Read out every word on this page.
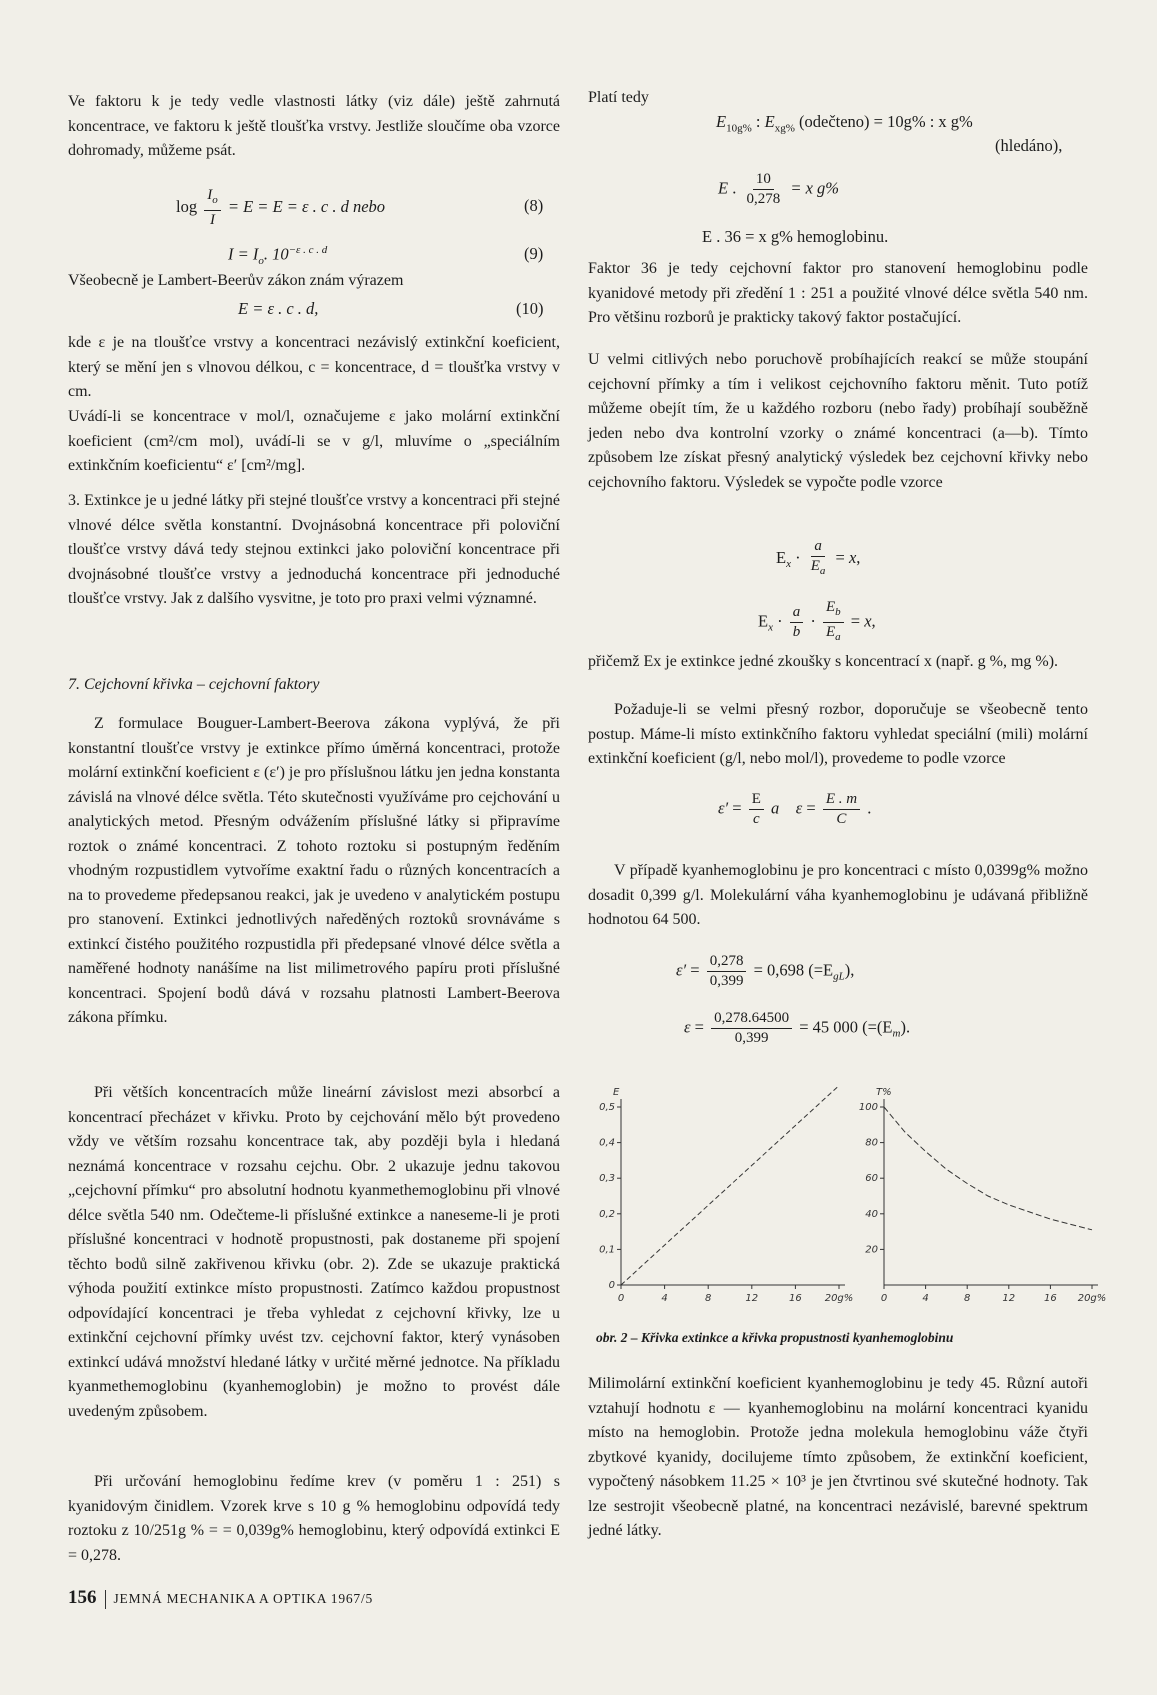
Ve faktoru k je tedy vedle vlastnosti látky (viz dále) ještě zahrnutá koncentrace, ve faktoru k ještě tloušťka vrstvy. Jestliže sloučíme oba vzorce dohromady, můžeme psát.

$\log \frac{I_o}{I} = E = E = \varepsilon$ . c . d nebo	(8)
$I = I_o$. $10^{-\varepsilon . c . d}$	(9)

Všeobecně je Lambert-Beerův zákon znám výrazem

E = ε . c . d,	(10)

kde ε je na tloušťce vrstvy a koncentraci nezávislý extinkční koeficient, který se mění jen s vlnovou délkou, c = koncentrace, d = tloušťka vrstvy v cm.

Uvádí-li se koncentrace v mol/l, označujeme ε jako molární extinkční koeficient (cm²/cm mol), uvádí-li se v g/l, mluvíme o „speciálním extinkčním koeficientu“ ε′ [cm²/mg].

3. Extinkce je u jedné látky při stejné tloušťce vrstvy a koncentraci při stejné vlnové délce světla konstantní. Dvojnásobná koncentrace při poloviční tloušťce vrstvy dává tedy stejnou extinkci jako poloviční koncentrace při dvojnásobné tloušťce vrstvy a jednoduchá koncentrace při jednoduché tloušťce vrstvy. Jak z dalšího vysvitne, je toto pro praxi velmi významné.

7. Cejchovní křivka – cejchovní faktory

Z formulace Bouguer-Lambert-Beerova zákona vyplývá, že při konstantní tloušťce vrstvy je extinkce přímo úměrná koncentraci, protože molární extinkční koeficient ε (ε′) je pro příslušnou látku jen jedna konstanta závislá na vlnové délce světla. Této skutečnosti využíváme pro cejchování u analytických metod. Přesným odvážením příslušné látky si připravíme roztok o známé koncentraci. Z tohoto roztoku si postupným ředěním vhodným rozpustidlem vytvoříme exaktní řadu o různých koncentracích a na to provedeme předepsanou reakci, jak je uvedeno v analytickém postupu pro stanovení. Extinkci jednotlivých naředěných roztoků srovnáváme s extinkcí čistého použitého rozpustidla při předepsané vlnové délce světla a naměřené hodnoty nanášíme na list milimetrového papíru proti příslušné koncentraci. Spojení bodů dává v rozsahu platnosti Lambert-Beerova zákona přímku.

Při větších koncentracích může lineární závislost mezi absorbcí a koncentrací přecházet v křivku. Proto by cejchování mělo být provedeno vždy ve větším rozsahu koncentrace tak, aby později byla i hledaná neznámá koncentrace v rozsahu cejchu. Obr. 2 ukazuje jednu takovou „cejchovní přímku“ pro absolutní hodnotu kyanmethemoglobinu při vlnové délce světla 540 nm. Odečteme-li příslušné extinkce a naneseme-li je proti příslušné koncentraci v hodnotě propustnosti, pak dostaneme při spojení těchto bodů silně zakřivenou křivku (obr. 2). Zde se ukazuje praktická výhoda použití extinkce místo propustnosti. Zatímco každou propustnost odpovídající koncentraci je třeba vyhledat z cejchovní křivky, lze u extinkční cejchovní přímky uvést tzv. cejchovní faktor, který vynásoben extinkcí udává množství hledané látky v určité měrné jednotce. Na příkladu kyanmethemoglobinu (kyanhemoglobin) je možno to provést dále uvedeným způsobem.

Při určování hemoglobinu ředíme krev (v poměru 1 : 251) s kyanidovým činidlem. Vzorek krve s 10 g % hemoglobinu odpovídá tedy roztoku z 10/251g % = = 0,039g% hemoglobinu, který odpovídá extinkci E = 0,278.

Platí tedy

$E_{10g\%}$ : $E_{xg\%}$ (odečteno) = 10g% : x g%
(hledáno),
E . $\frac{10}{0,278} = x$ g%
E . 36 = x g% hemoglobinu.

Faktor 36 je tedy cejchovní faktor pro stanovení hemoglobinu podle kyanidové metody při zředění 1 : 251 a použité vlnové délce světla 540 nm. Pro většinu rozborů je prakticky takový faktor postačující.

U velmi citlivých nebo poruchově probíhajících reakcí se může stoupání cejchovní přímky a tím i velikost cejchovního faktoru měnit. Tuto potíž můžeme obejít tím, že u každého rozboru (nebo řady) probíhají souběžně jeden nebo dva kontrolní vzorky o známé koncentraci (a—b). Tímto způsobem lze získat přesný analytický výsledek bez cejchovní křivky nebo cejchovního faktoru. Výsledek se vypočte podle vzorce

$E_x \cdot \frac{a}{E_a} = x$,
$E_x \cdot \frac{a}{b} \cdot \frac{E_b}{E_a} = x$,

přičemž Ex je extinkce jedné zkoušky s koncentrací x (např. g %, mg %).

Požaduje-li se velmi přesný rozbor, doporučuje se všeobecně tento postup. Máme-li místo extinkčního faktoru vyhledat speciální (mili) molární extinkční koeficient (g/l, nebo mol/l), provedeme to podle vzorce

$\varepsilon' = \frac{E}{c}$ a $\varepsilon = \frac{E . m}{C}$ .

V případě kyanhemoglobinu je pro koncentraci c místo 0,0399g% možno dosadit 0,399 g/l. Molekulární váha kyanhemoglobinu je udávaná přibližně hodnotou 64 500.

$\varepsilon' = \frac{0,278}{0,399} = 0,698$ $(=E_{gL})$,
$\varepsilon = \frac{0,278.64500}{0,399} = 45$ 000 ($=(E_m)$.
E
0	4	8	12	16 20g%
0
0,1
0,2
0,3
0,4
0,5
T%
0	4	8	12	16 20g%
20
40
60
80
100
obr. 2 – Křivka extinkce a křivka propustnosti kyanhemoglobinu

Milimolární extinkční koeficient kyanhemoglobinu je tedy 45. Různí autoři vztahují hodnotu ε — kyanhemoglobinu na molární koncentraci kyanidu místo na hemoglobin. Protože jedna molekula hemoglobinu váže čtyři zbytkové kyanidy, docilujeme tímto způsobem, že extinkční koeficient, vypočtený násobkem 11.25 × 10³ je jen čtvrtinou své skutečné hodnoty. Tak lze sestrojit všeobecně platné, na koncentraci nezávislé, barevné spektrum jedné látky.

156 JEMNÁ MECHANIKA A OPTIKA 1967/5
